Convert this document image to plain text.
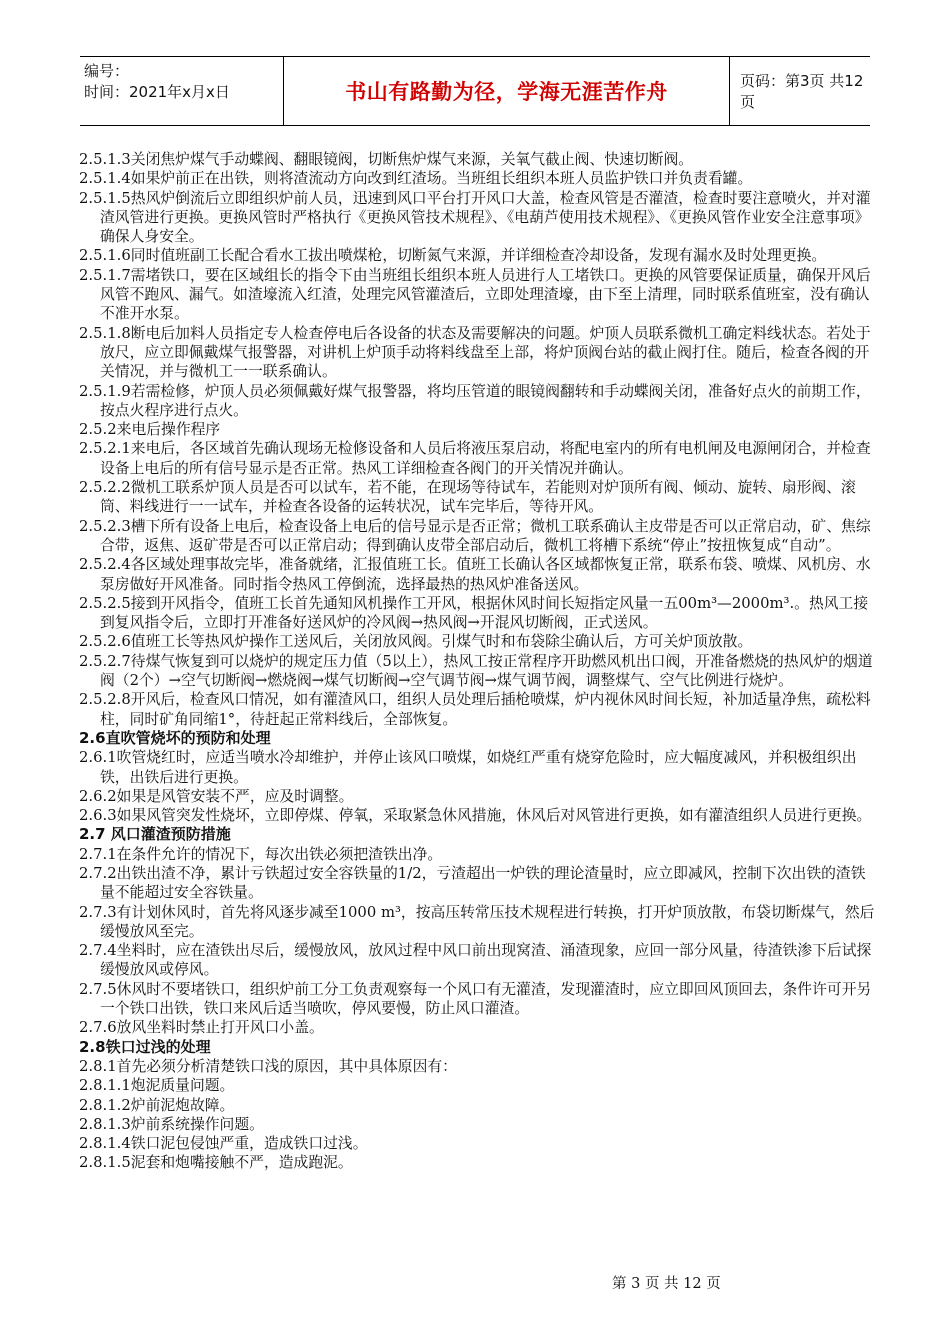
编号：
时间：2021年x月x日	书山有路勤为径，学海无涯苦作舟	页码：第3页 共12页

2.5.1.3关闭焦炉煤气手动蝶阀、翻眼镜阀，切断焦炉煤气来源，关氧气截止阀、快速切断阀。

2.5.1.4如果炉前正在出铁，则将渣流动方向改到红渣场。当班组长组织本班人员监护铁口并负责看罐。

2.5.1.5热风炉倒流后立即组织炉前人员，迅速到风口平台打开风口大盖，检查风管是否灌渣，检查时要注意喷火，并对灌渣风管进行更换。更换风管时严格执行《更换风管技术规程》、《电葫芦使用技术规程》、《更换风管作业安全注意事项》确保人身安全。

2.5.1.6同时值班副工长配合看水工拔出喷煤枪，切断氮气来源，并详细检查冷却设备，发现有漏水及时处理更换。

2.5.1.7需堵铁口，要在区域组长的指令下由当班组长组织本班人员进行人工堵铁口。更换的风管要保证质量，确保开风后风管不跑风、漏气。如渣壕流入红渣，处理完风管灌渣后，立即处理渣壕，由下至上清理，同时联系值班室，没有确认不准开水泵。

2.5.1.8断电后加料人员指定专人检查停电后各设备的状态及需要解决的问题。炉顶人员联系微机工确定料线状态。若处于放尺，应立即佩戴煤气报警器，对讲机上炉顶手动将料线盘至上部，将炉顶阀台站的截止阀打住。随后，检查各阀的开关情况，并与微机工一一联系确认。

2.5.1.9若需检修，炉顶人员必须佩戴好煤气报警器，将均压管道的眼镜阀翻转和手动蝶阀关闭，准备好点火的前期工作，按点火程序进行点火。

2.5.2来电后操作程序

2.5.2.1来电后，各区域首先确认现场无检修设备和人员后将液压泵启动，将配电室内的所有电机闸及电源闸闭合，并检查设备上电后的所有信号显示是否正常。热风工详细检查各阀门的开关情况并确认。

2.5.2.2微机工联系炉顶人员是否可以试车，若不能，在现场等待试车，若能则对炉顶所有阀、倾动、旋转、扇形阀、滚筒、料线进行一一试车，并检查各设备的运转状况，试车完毕后，等待开风。

2.5.2.3槽下所有设备上电后，检查设备上电后的信号显示是否正常；微机工联系确认主皮带是否可以正常启动，矿、焦综合带，返焦、返矿带是否可以正常启动；得到确认皮带全部启动后，微机工将槽下系统“停止”按扭恢复成“自动”。

2.5.2.4各区域处理事故完毕，准备就绪，汇报值班工长。值班工长确认各区域都恢复正常，联系布袋、喷煤、风机房、水泵房做好开风准备。同时指令热风工停倒流，选择最热的热风炉准备送风。

2.5.2.5接到开风指令，值班工长首先通知风机操作工开风，根据休风时间长短指定风量一五00m³—2000m³.。热风工接到复风指令后，立即打开准备好送风炉的冷风阀→热风阀→开混风切断阀，正式送风。

2.5.2.6值班工长等热风炉操作工送风后，关闭放风阀。引煤气时和布袋除尘确认后，方可关炉顶放散。

2.5.2.7待煤气恢复到可以烧炉的规定压力值（5以上），热风工按正常程序开助燃风机出口阀，开准备燃烧的热风炉的烟道阀（2个）→空气切断阀→燃烧阀→煤气切断阀→空气调节阀→煤气调节阀，调整煤气、空气比例进行烧炉。

2.5.2.8开风后，检查风口情况，如有灌渣风口，组织人员处理后插枪喷煤，炉内视休风时间长短，补加适量净焦，疏松料柱，同时矿角同缩1°，待赶起正常料线后，全部恢复。

2.6直吹管烧坏的预防和处理

2.6.1吹管烧红时，应适当喷水冷却维护，并停止该风口喷煤，如烧红严重有烧穿危险时，应大幅度减风，并积极组织出铁，出铁后进行更换。

2.6.2如果是风管安装不严，应及时调整。

2.6.3如果风管突发性烧坏，立即停煤、停氧，采取紧急休风措施，休风后对风管进行更换，如有灌渣组织人员进行更换。

2.7 风口灌渣预防措施

2.7.1在条件允许的情况下，每次出铁必须把渣铁出净。

2.7.2出铁出渣不净，累计亏铁超过安全容铁量的1/2，亏渣超出一炉铁的理论渣量时，应立即减风，控制下次出铁的渣铁量不能超过安全容铁量。

2.7.3有计划休风时，首先将风逐步减至1000 m³，按高压转常压技术规程进行转换，打开炉顶放散，布袋切断煤气，然后缓慢放风至完。

2.7.4坐料时，应在渣铁出尽后，缓慢放风，放风过程中风口前出现窝渣、涌渣现象，应回一部分风量，待渣铁渗下后试探缓慢放风或停风。

2.7.5休风时不要堵铁口，组织炉前工分工负责观察每一个风口有无灌渣，发现灌渣时，应立即回风顶回去，条件许可开另一个铁口出铁，铁口来风后适当喷吹，停风要慢，防止风口灌渣。

2.7.6放风坐料时禁止打开风口小盖。

2.8铁口过浅的处理

2.8.1首先必须分析清楚铁口浅的原因，其中具体原因有：

2.8.1.1炮泥质量问题。

2.8.1.2炉前泥炮故障。

2.8.1.3炉前系统操作问题。

2.8.1.4铁口泥包侵蚀严重，造成铁口过浅。

2.8.1.5泥套和炮嘴接触不严，造成跑泥。

第 3 页 共 12 页
